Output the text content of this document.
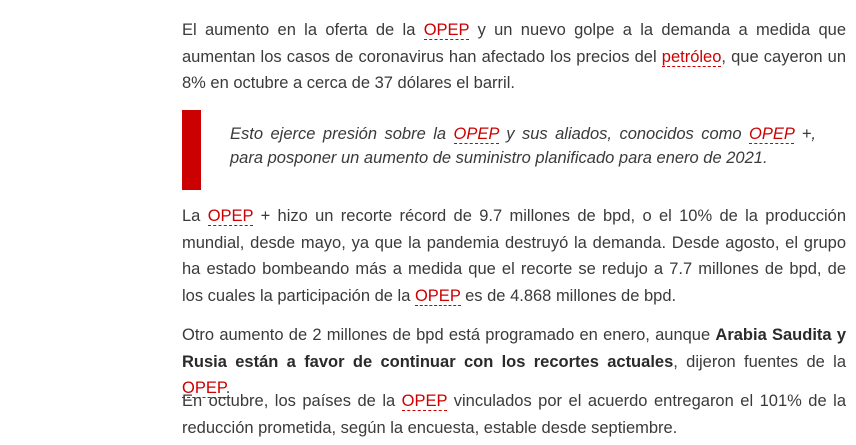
El aumento en la oferta de la OPEP y un nuevo golpe a la demanda a medida que aumentan los casos de coronavirus han afectado los precios del petróleo, que cayeron un 8% en octubre a cerca de 37 dólares el barril.

Esto ejerce presión sobre la OPEP y sus aliados, conocidos como OPEP +, para posponer un aumento de suministro planificado para enero de 2021.

La OPEP + hizo un recorte récord de 9.7 millones de bpd, o el 10% de la producción mundial, desde mayo, ya que la pandemia destruyó la demanda. Desde agosto, el grupo ha estado bombeando más a medida que el recorte se redujo a 7.7 millones de bpd, de los cuales la participación de la OPEP es de 4.868 millones de bpd.

Otro aumento de 2 millones de bpd está programado en enero, aunque Arabia Saudita y Rusia están a favor de continuar con los recortes actuales, dijeron fuentes de la OPEP.

En octubre, los países de la OPEP vinculados por el acuerdo entregaron el 101% de la reducción prometida, según la encuesta, estable desde septiembre.
